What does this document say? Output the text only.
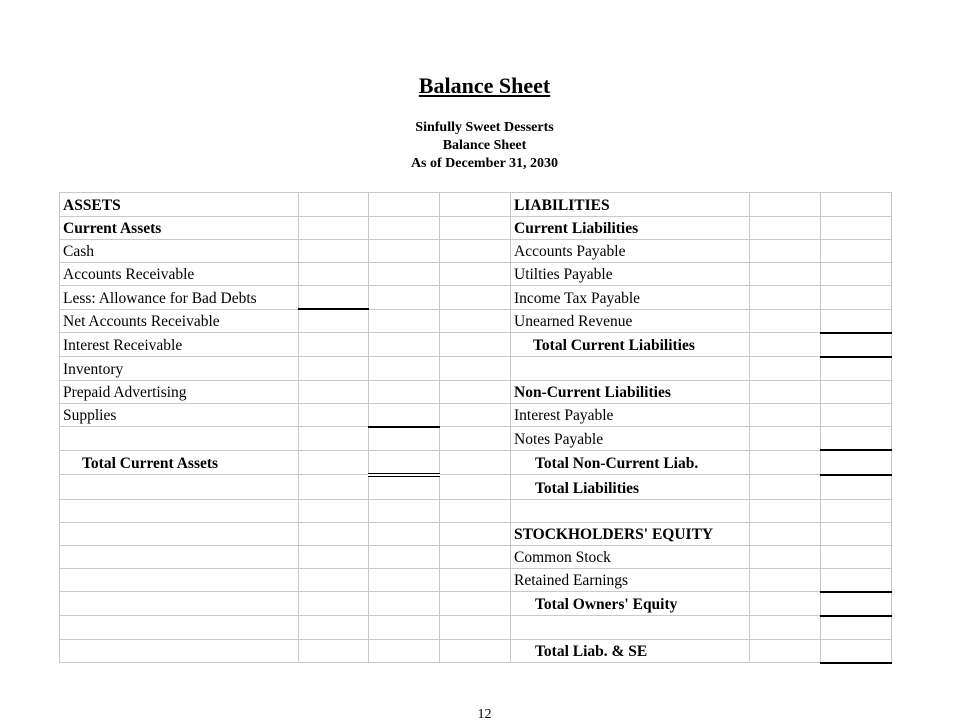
Balance Sheet
Sinfully Sweet Desserts
Balance Sheet
As of December 31, 2030
ASSETS				LIABILITIES		
Current Assets				Current Liabilities		
Cash				Accounts Payable		
Accounts Receivable				Utilties Payable		
Less: Allowance for Bad Debts				Income Tax Payable		
Net Accounts Receivable				Unearned Revenue		
Interest Receivable				Total Current Liabilities		
Inventory						
Prepaid Advertising				Non-Current Liabilities		
Supplies				Interest Payable		
				Notes Payable		
Total Current Assets				Total Non-Current Liab.		
				Total Liabilities		

				STOCKHOLDERS' EQUITY		
				Common Stock		
				Retained Earnings		
				Total Owners' Equity		

				Total Liab. & SE		
12
